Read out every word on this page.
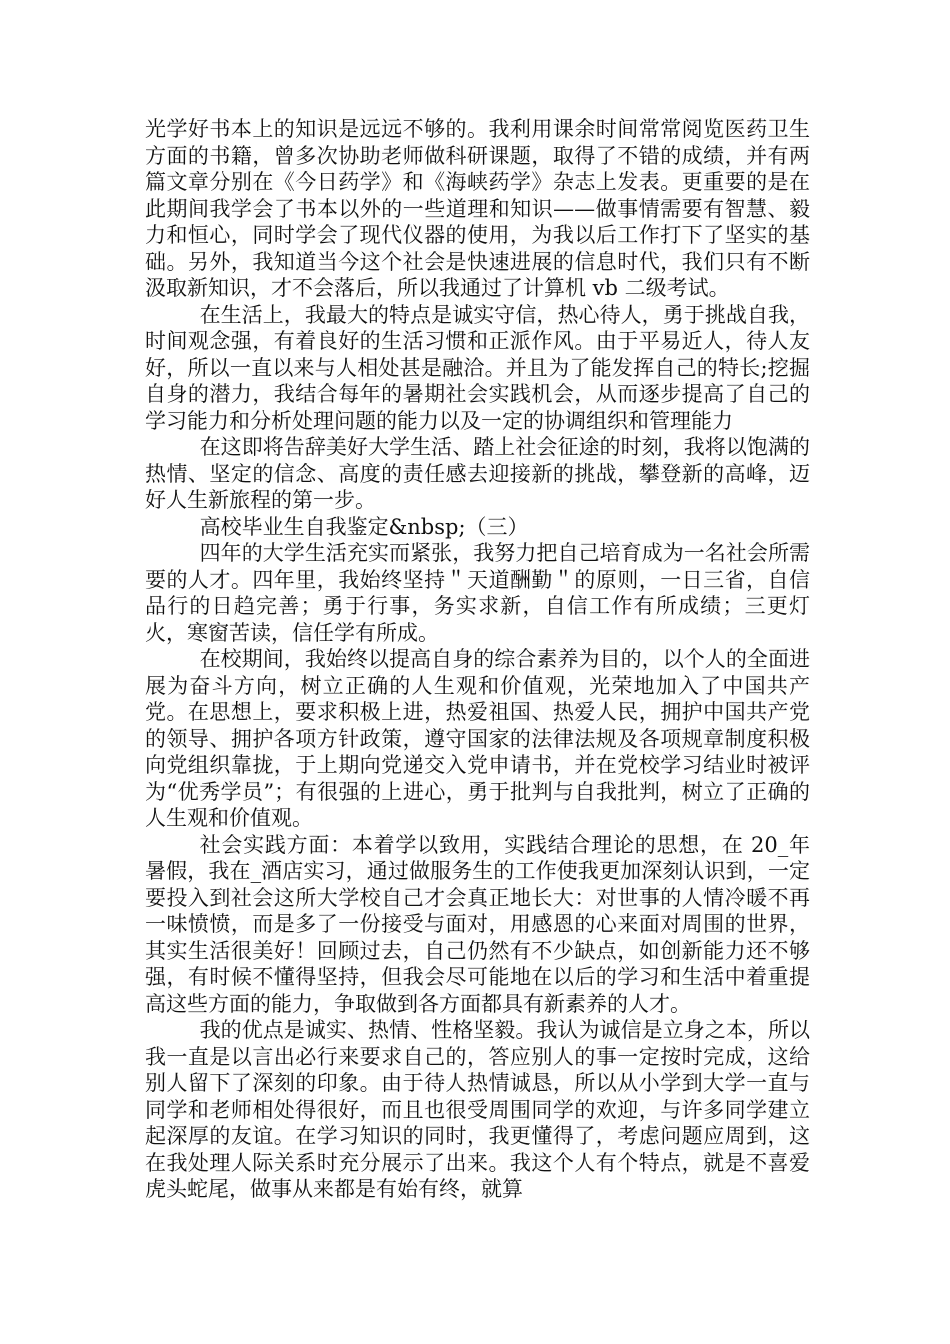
光学好书本上的知识是远远不够的。我利用课余时间常常阅览医药卫生方面的书籍，曾多次协助老师做科研课题，取得了不错的成绩，并有两篇文章分别在《今日药学》和《海峡药学》杂志上发表。更重要的是在此期间我学会了书本以外的一些道理和知识——做事情需要有智慧、毅力和恒心，同时学会了现代仪器的使用，为我以后工作打下了坚实的基础。另外，我知道当今这个社会是快速进展的信息时代，我们只有不断汲取新知识，才不会落后，所以我通过了计算机 vb 二级考试。

在生活上，我最大的特点是诚实守信，热心待人，勇于挑战自我，时间观念强，有着良好的生活习惯和正派作风。由于平易近人，待人友好，所以一直以来与人相处甚是融洽。并且为了能发挥自己的特长;挖掘自身的潜力，我结合每年的暑期社会实践机会，从而逐步提高了自己的学习能力和分析处理问题的能力以及一定的协调组织和管理能力

在这即将告辞美好大学生活、踏上社会征途的时刻，我将以饱满的热情、坚定的信念、高度的责任感去迎接新的挑战，攀登新的高峰，迈好人生新旅程的第一步。

高校毕业生自我鉴定&nbsp;（三）

四年的大学生活充实而紧张，我努力把自己培育成为一名社会所需要的人才。四年里，我始终坚持＂天道酬勤＂的原则，一日三省，自信品行的日趋完善；勇于行事，务实求新，自信工作有所成绩；三更灯火，寒窗苦读，信任学有所成。

在校期间，我始终以提高自身的综合素养为目的，以个人的全面进展为奋斗方向，树立正确的人生观和价值观，光荣地加入了中国共产党。在思想上，要求积极上进，热爱祖国、热爱人民，拥护中国共产党的领导、拥护各项方针政策，遵守国家的法律法规及各项规章制度积极向党组织靠拢，于上期向党递交入党申请书，并在党校学习结业时被评为“优秀学员”；有很强的上进心，勇于批判与自我批判，树立了正确的人生观和价值观。

社会实践方面：本着学以致用，实践结合理论的思想，在 20_年暑假，我在_酒店实习，通过做服务生的工作使我更加深刻认识到，一定要投入到社会这所大学校自己才会真正地长大：对世事的人情冷暖不再一味愤愤，而是多了一份接受与面对，用感恩的心来面对周围的世界，其实生活很美好！回顾过去，自己仍然有不少缺点，如创新能力还不够强，有时候不懂得坚持，但我会尽可能地在以后的学习和生活中着重提高这些方面的能力，争取做到各方面都具有新素养的人才。

我的优点是诚实、热情、性格坚毅。我认为诚信是立身之本，所以我一直是以言出必行来要求自己的，答应别人的事一定按时完成，这给别人留下了深刻的印象。由于待人热情诚恳，所以从小学到大学一直与同学和老师相处得很好，而且也很受周围同学的欢迎，与许多同学建立起深厚的友谊。在学习知识的同时，我更懂得了，考虑问题应周到，这在我处理人际关系时充分展示了出来。我这个人有个特点，就是不喜爱虎头蛇尾，做事从来都是有始有终，就算
